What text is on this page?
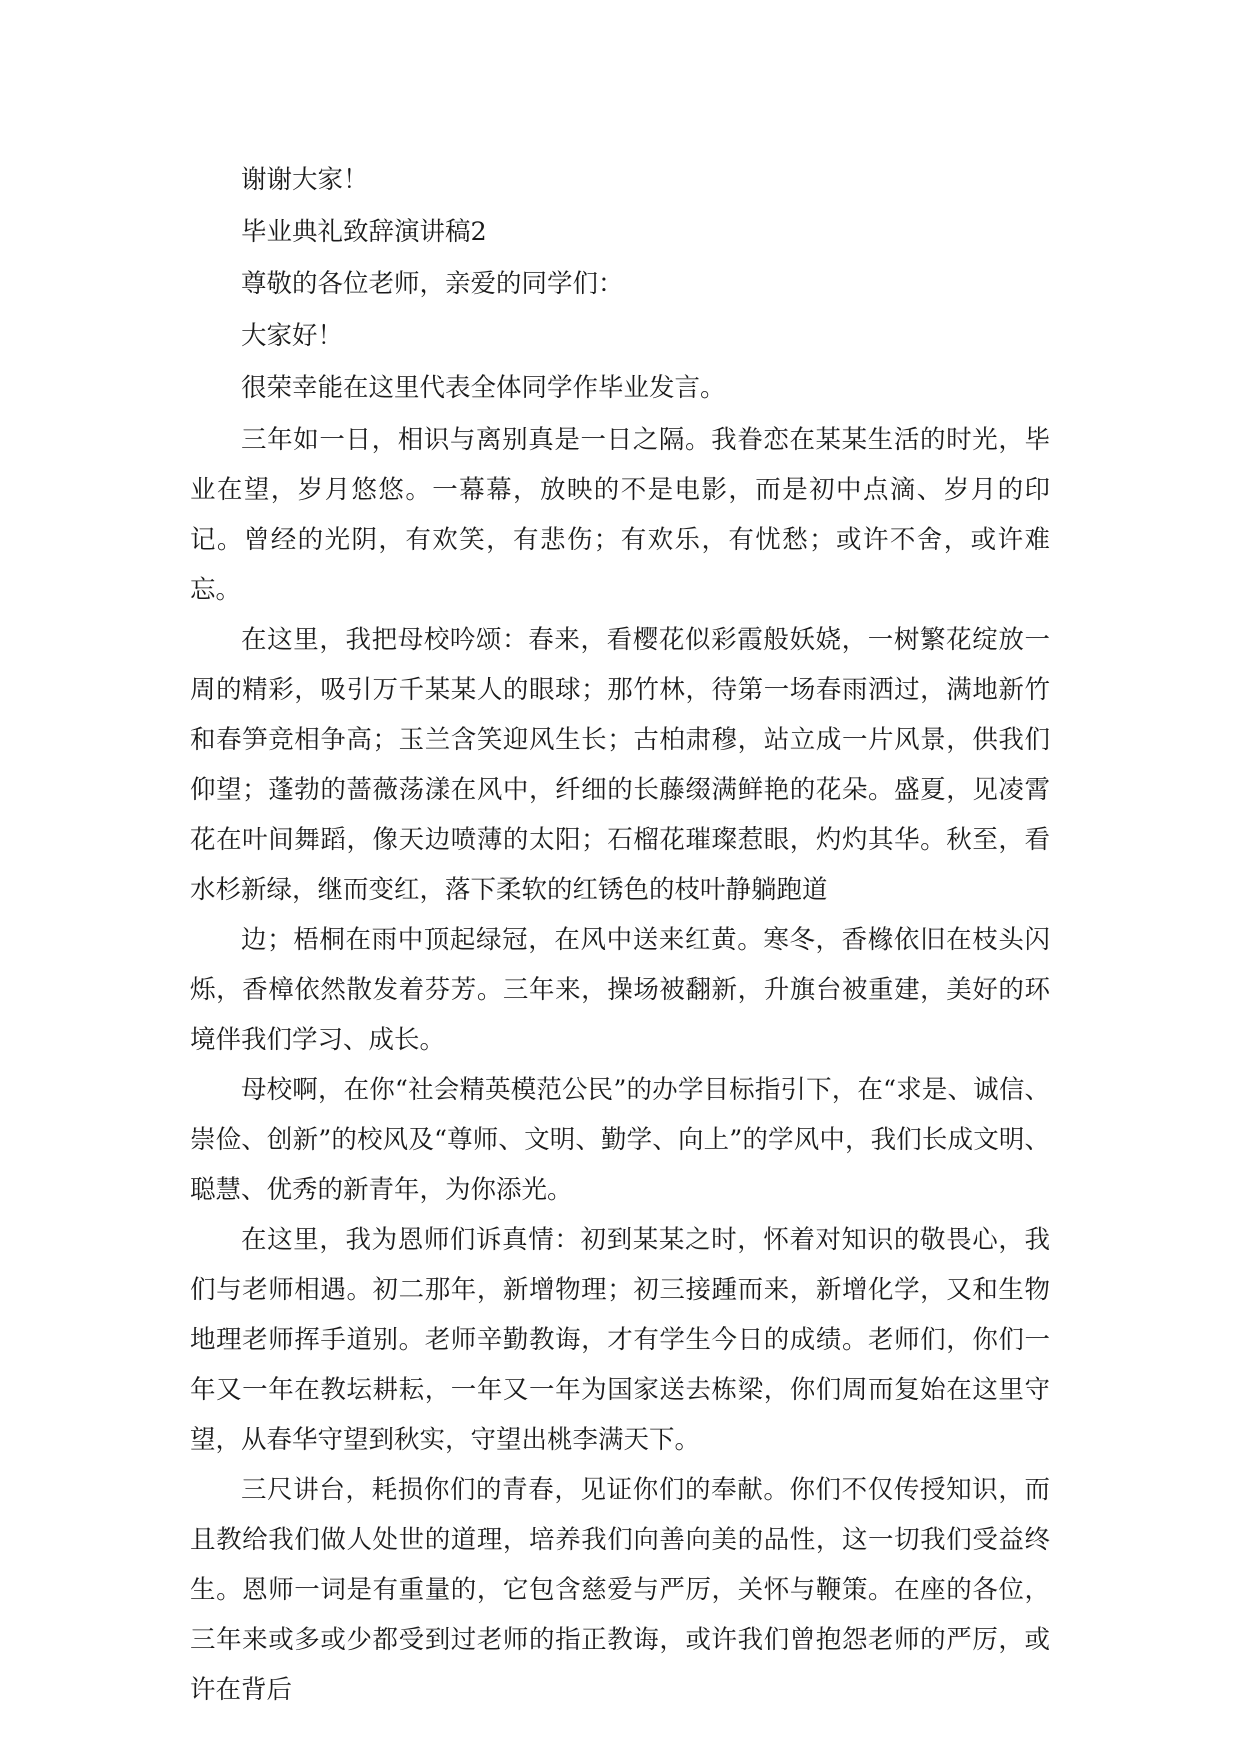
谢谢大家！

毕业典礼致辞演讲稿2

尊敬的各位老师，亲爱的同学们：

大家好！

很荣幸能在这里代表全体同学作毕业发言。

三年如一日，相识与离别真是一日之隔。我眷恋在某某生活的时光，毕业在望，岁月悠悠。一幕幕，放映的不是电影，而是初中点滴、岁月的印记。曾经的光阴，有欢笑，有悲伤；有欢乐，有忧愁；或许不舍，或许难忘。

在这里，我把母校吟颂：春来，看樱花似彩霞般妖娆，一树繁花绽放一周的精彩，吸引万千某某人的眼球；那竹林，待第一场春雨洒过，满地新竹和春笋竞相争高；玉兰含笑迎风生长；古柏肃穆，站立成一片风景，供我们仰望；蓬勃的蔷薇荡漾在风中，纤细的长藤缀满鲜艳的花朵。盛夏，见凌霄花在叶间舞蹈，像天边喷薄的太阳；石榴花璀璨惹眼，灼灼其华。秋至，看水杉新绿，继而变红，落下柔软的红锈色的枝叶静躺跑道

边；梧桐在雨中顶起绿冠，在风中送来红黄。寒冬，香橼依旧在枝头闪烁，香樟依然散发着芬芳。三年来，操场被翻新，升旗台被重建，美好的环境伴我们学习、成长。

母校啊，在你“社会精英模范公民”的办学目标指引下，在“求是、诚信、崇俭、创新”的校风及“尊师、文明、勤学、向上”的学风中，我们长成文明、聪慧、优秀的新青年，为你添光。

在这里，我为恩师们诉真情：初到某某之时，怀着对知识的敬畏心，我们与老师相遇。初二那年，新增物理；初三接踵而来，新增化学，又和生物地理老师挥手道别。老师辛勤教诲，才有学生今日的成绩。老师们，你们一年又一年在教坛耕耘，一年又一年为国家送去栋梁，你们周而复始在这里守望，从春华守望到秋实，守望出桃李满天下。

三尺讲台，耗损你们的青春，见证你们的奉献。你们不仅传授知识，而且教给我们做人处世的道理，培养我们向善向美的品性，这一切我们受益终生。恩师一词是有重量的，它包含慈爱与严厉，关怀与鞭策。在座的各位，三年来或多或少都受到过老师的指正教诲，或许我们曾抱怨老师的严厉，或许在背后
